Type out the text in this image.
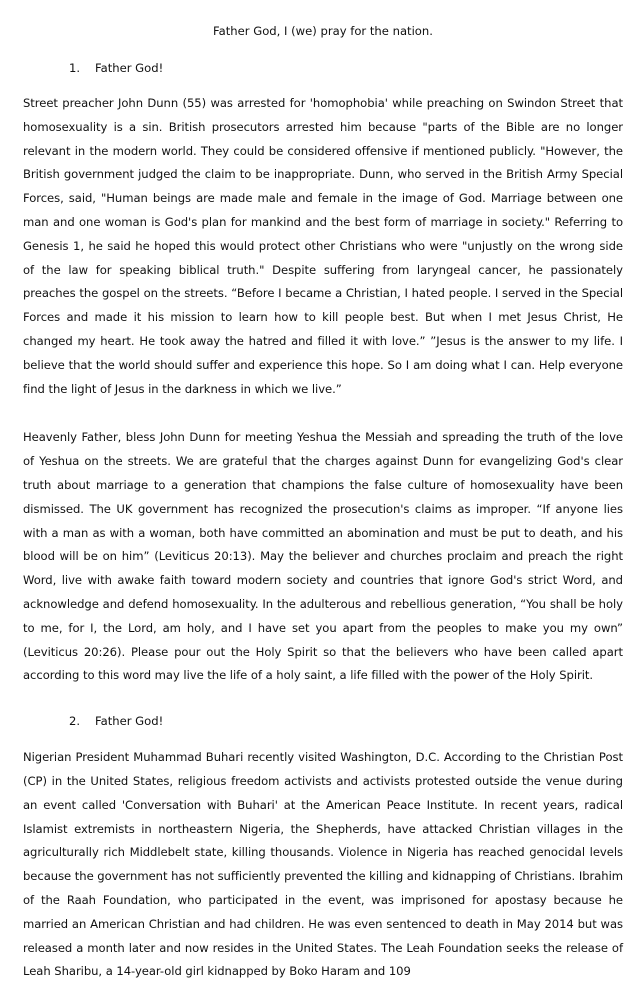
Father God, I (we) pray for the nation.

1.	Father God!

Street preacher John Dunn (55) was arrested for 'homophobia' while preaching on Swindon Street that homosexuality is a sin. British prosecutors arrested him because "parts of the Bible are no longer relevant in the modern world. They could be considered offensive if mentioned publicly. "However, the British government judged the claim to be inappropriate. Dunn, who served in the British Army Special Forces, said, "Human beings are made male and female in the image of God. Marriage between one man and one woman is God's plan for mankind and the best form of marriage in society." Referring to Genesis 1, he said he hoped this would protect other Christians who were "unjustly on the wrong side of the law for speaking biblical truth." Despite suffering from laryngeal cancer, he passionately preaches the gospel on the streets. “Before I became a Christian, I hated people. I served in the Special Forces and made it his mission to learn how to kill people best. But when I met Jesus Christ, He changed my heart. He took away the hatred and filled it with love.” ”Jesus is the answer to my life. I believe that the world should suffer and experience this hope. So I am doing what I can. Help everyone find the light of Jesus in the darkness in which we live.”

Heavenly Father, bless John Dunn for meeting Yeshua the Messiah and spreading the truth of the love of Yeshua on the streets. We are grateful that the charges against Dunn for evangelizing God's clear truth about marriage to a generation that champions the false culture of homosexuality have been dismissed. The UK government has recognized the prosecution's claims as improper. “If anyone lies with a man as with a woman, both have committed an abomination and must be put to death, and his blood will be on him” (Leviticus 20:13). May the believer and churches proclaim and preach the right Word, live with awake faith toward modern society and countries that ignore God's strict Word, and acknowledge and defend homosexuality. In the adulterous and rebellious generation, “You shall be holy to me, for I, the Lord, am holy, and I have set you apart from the peoples to make you my own” (Leviticus 20:26). Please pour out the Holy Spirit so that the believers who have been called apart according to this word may live the life of a holy saint, a life filled with the power of the Holy Spirit.

2.	Father God!

Nigerian President Muhammad Buhari recently visited Washington, D.C. According to the Christian Post (CP) in the United States, religious freedom activists and activists protested outside the venue during an event called 'Conversation with Buhari' at the American Peace Institute. In recent years, radical Islamist extremists in northeastern Nigeria, the Shepherds, have attacked Christian villages in the agriculturally rich Middlebelt state, killing thousands. Violence in Nigeria has reached genocidal levels because the government has not sufficiently prevented the killing and kidnapping of Christians. Ibrahim of the Raah Foundation, who participated in the event, was imprisoned for apostasy because he married an American Christian and had children. He was even sentenced to death in May 2014 but was released a month later and now resides in the United States. The Leah Foundation seeks the release of Leah Sharibu, a 14-year-old girl kidnapped by Boko Haram and 109
